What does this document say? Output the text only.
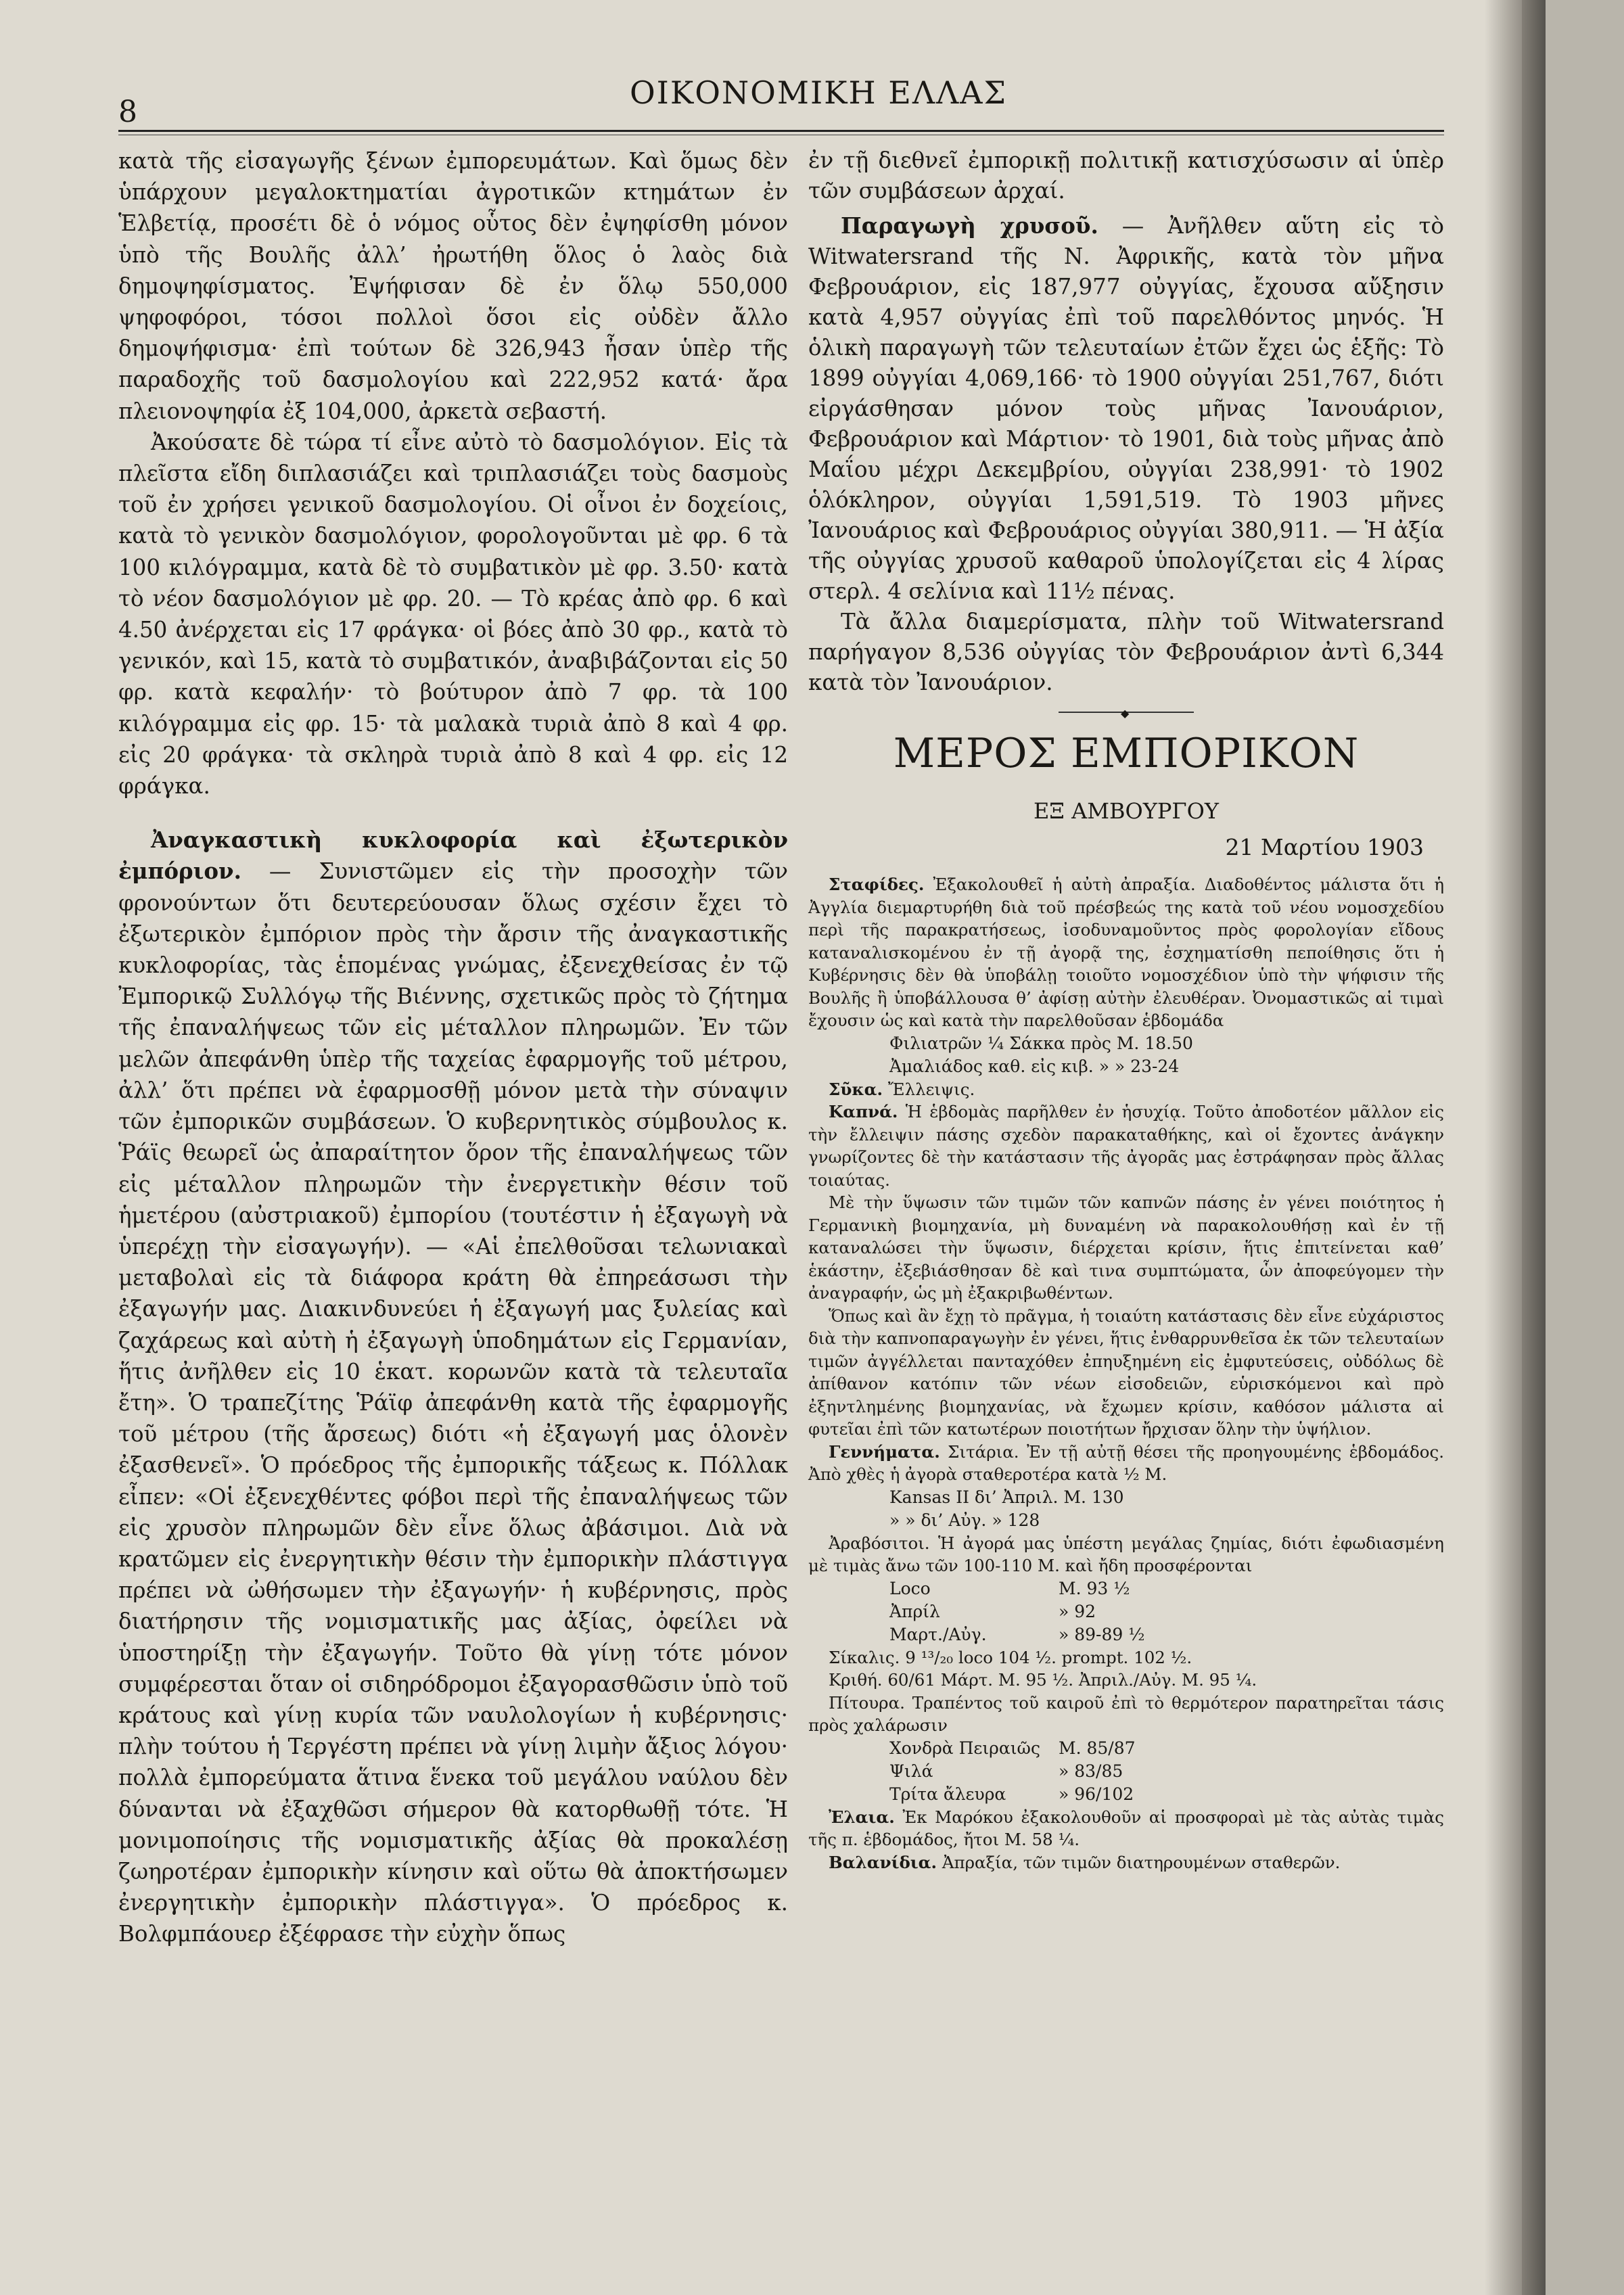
8
ΟΙΚΟΝΟΜΙΚΗ ΕΛΛΑΣ

κατὰ τῆς εἰσαγωγῆς ξένων ἐμπορευμάτων. Καὶ ὅμως δὲν ὑπάρχουν μεγαλοκτηματίαι ἀγροτικῶν κτημάτων ἐν Ἑλβετίᾳ, προσέτι δὲ ὁ νόμος οὗτος δὲν ἐψηφίσθη μόνον ὑπὸ τῆς Βουλῆς ἀλλ’ ἠρωτήθη ὅλος ὁ λαὸς διὰ δημοψηφίσματος. Ἐψήφισαν δὲ ἐν ὅλῳ 550,000 ψηφοφόροι, τόσοι πολλοὶ ὅσοι εἰς οὐδὲν ἄλλο δημοψήφισμα· ἐπὶ τούτων δὲ 326,943 ἦσαν ὑπὲρ τῆς παραδοχῆς τοῦ δασμολογίου καὶ 222,952 κατά· ἄρα πλειονοψηφία ἐξ 104,000, ἀρκετὰ σεβαστή.

Ἀκούσατε δὲ τώρα τί εἶνε αὐτὸ τὸ δασμολόγιον. Εἰς τὰ πλεῖστα εἴδη διπλασιάζει καὶ τριπλασιάζει τοὺς δασμοὺς τοῦ ἐν χρήσει γενικοῦ δασμολογίου. Οἱ οἶνοι ἐν δοχείοις, κατὰ τὸ γενικὸν δασμολόγιον, φορολογοῦνται μὲ φρ. 6 τὰ 100 κιλόγραμμα, κατὰ δὲ τὸ συμβατικὸν μὲ φρ. 3.50· κατὰ τὸ νέον δασμολόγιον μὲ φρ. 20. — Τὸ κρέας ἀπὸ φρ. 6 καὶ 4.50 ἀνέρχεται εἰς 17 φράγκα· οἱ βόες ἀπὸ 30 φρ., κατὰ τὸ γενικόν, καὶ 15, κατὰ τὸ συμβατικόν, ἀναβιβάζονται εἰς 50 φρ. κατὰ κεφαλήν· τὸ βούτυρον ἀπὸ 7 φρ. τὰ 100 κιλόγραμμα εἰς φρ. 15· τὰ μαλακὰ τυριὰ ἀπὸ 8 καὶ 4 φρ. εἰς 20 φράγκα· τὰ σκληρὰ τυριὰ ἀπὸ 8 καὶ 4 φρ. εἰς 12 φράγκα.

Ἀναγκαστικὴ κυκλοφορία καὶ ἐξωτερικὸν ἐμπόριον. — Συνιστῶμεν εἰς τὴν προσοχὴν τῶν φρονούντων ὅτι δευτερεύουσαν ὅλως σχέσιν ἔχει τὸ ἐξωτερικὸν ἐμπόριον πρὸς τὴν ἄρσιν τῆς ἀναγκαστικῆς κυκλοφορίας, τὰς ἑπομένας γνώμας, ἐξενεχθείσας ἐν τῷ Ἐμπορικῷ Συλλόγῳ τῆς Βιέννης, σχετικῶς πρὸς τὸ ζήτημα τῆς ἐπαναλήψεως τῶν εἰς μέταλλον πληρωμῶν. Ἐν τῶν μελῶν ἀπεφάνθη ὑπὲρ τῆς ταχείας ἐφαρμογῆς τοῦ μέτρου, ἀλλ’ ὅτι πρέπει νὰ ἐφαρμοσθῇ μόνον μετὰ τὴν σύναψιν τῶν ἐμπορικῶν συμβάσεων. Ὁ κυβερνητικὸς σύμβουλος κ. Ῥάϊς θεωρεῖ ὡς ἀπαραίτητον ὅρον τῆς ἐπαναλήψεως τῶν εἰς μέταλλον πληρωμῶν τὴν ἐνεργετικὴν θέσιν τοῦ ἡμετέρου (αὐστριακοῦ) ἐμπορίου (τουτέστιν ἡ ἐξαγωγὴ νὰ ὑπερέχῃ τὴν εἰσαγωγήν). — «Αἱ ἐπελθοῦσαι τελωνιακαὶ μεταβολαὶ εἰς τὰ διάφορα κράτη θὰ ἐπηρεάσωσι τὴν ἐξαγωγήν μας. Διακινδυνεύει ἡ ἐξαγωγή μας ξυλείας καὶ ζαχάρεως καὶ αὐτὴ ἡ ἐξαγωγὴ ὑποδημάτων εἰς Γερμανίαν, ἥτις ἀνῆλθεν εἰς 10 ἑκατ. κορωνῶν κατὰ τὰ τελευταῖα ἔτη». Ὁ τραπεζίτης Ῥάϊφ ἀπεφάνθη κατὰ τῆς ἐφαρμογῆς τοῦ μέτρου (τῆς ἄρσεως) διότι «ἡ ἐξαγωγή μας ὁλονὲν ἐξασθενεῖ». Ὁ πρόεδρος τῆς ἐμπορικῆς τάξεως κ. Πόλλακ εἶπεν: «Οἱ ἐξενεχθέντες φόβοι περὶ τῆς ἐπαναλήψεως τῶν εἰς χρυσὸν πληρωμῶν δὲν εἶνε ὅλως ἀβάσιμοι. Διὰ νὰ κρατῶμεν εἰς ἐνεργητικὴν θέσιν τὴν ἐμπορικὴν πλάστιγγα πρέπει νὰ ὠθήσωμεν τὴν ἐξαγωγήν· ἡ κυβέρνησις, πρὸς διατήρησιν τῆς νομισματικῆς μας ἀξίας, ὀφείλει νὰ ὑποστηρίξῃ τὴν ἐξαγωγήν. Τοῦτο θὰ γίνῃ τότε μόνον συμφέρεσται ὅταν οἱ σιδηρόδρομοι ἐξαγορασθῶσιν ὑπὸ τοῦ κράτους καὶ γίνῃ κυρία τῶν ναυλολογίων ἡ κυβέρνησις· πλὴν τούτου ἡ Τεργέστη πρέπει νὰ γίνῃ λιμὴν ἄξιος λόγου· πολλὰ ἐμπορεύματα ἅτινα ἕνεκα τοῦ μεγάλου ναύλου δὲν δύνανται νὰ ἐξαχθῶσι σήμερον θὰ κατορθωθῇ τότε. Ἡ μονιμοποίησις τῆς νομισματικῆς ἀξίας θὰ προκαλέσῃ ζωηροτέραν ἐμπορικὴν κίνησιν καὶ οὕτω θὰ ἀποκτήσωμεν ἐνεργητικὴν ἐμπορικὴν πλάστιγγα». Ὁ πρόεδρος κ. Βολφμπάουερ ἐξέφρασε τὴν εὐχὴν ὅπως

ἐν τῇ διεθνεῖ ἐμπορικῇ πολιτικῇ κατισχύσωσιν αἱ ὑπὲρ τῶν συμβάσεων ἀρχαί.

Παραγωγὴ χρυσοῦ. — Ἀνῆλθεν αὕτη εἰς τὸ Witwatersrand τῆς Ν. Ἀφρικῆς, κατὰ τὸν μῆνα Φεβρουάριον, εἰς 187,977 οὐγγίας, ἔχουσα αὔξησιν κατὰ 4,957 οὐγγίας ἐπὶ τοῦ παρελθόντος μηνός. Ἡ ὁλικὴ παραγωγὴ τῶν τελευταίων ἐτῶν ἔχει ὡς ἑξῆς: Τὸ 1899 οὐγγίαι 4,069,166· τὸ 1900 οὐγγίαι 251,767, διότι εἰργάσθησαν μόνον τοὺς μῆνας Ἰανουάριον, Φεβρουάριον καὶ Μάρτιον· τὸ 1901, διὰ τοὺς μῆνας ἀπὸ Μαΐου μέχρι Δεκεμβρίου, οὐγγίαι 238,991· τὸ 1902 ὁλόκληρον, οὐγγίαι 1,591,519. Τὸ 1903 μῆνες Ἰανουάριος καὶ Φεβρουάριος οὐγγίαι 380,911. — Ἡ ἀξία τῆς οὐγγίας χρυσοῦ καθαροῦ ὑπολογίζεται εἰς 4 λίρας στερλ. 4 σελίνια καὶ 11½ πένας.

Τὰ ἄλλα διαμερίσματα, πλὴν τοῦ Witwatersrand παρήγαγον 8,536 οὐγγίας τὸν Φεβρουάριον ἀντὶ 6,344 κατὰ τὸν Ἰανουάριον.

◆
ΜΕΡΟΣ ΕΜΠΟΡΙΚΟΝ
ΕΞ ΑΜΒΟΥΡΓΟΥ
21 Μαρτίου 1903

Σταφίδες. Ἐξακολουθεῖ ἡ αὐτὴ ἀπραξία. Διαδοθέντος μάλιστα ὅτι ἡ Ἀγγλία διεμαρτυρήθη διὰ τοῦ πρέσβεώς της κατὰ τοῦ νέου νομοσχεδίου περὶ τῆς παρακρατήσεως, ἰσοδυναμοῦντος πρὸς φορολογίαν εἴδους καταναλισκομένου ἐν τῇ ἀγορᾷ της, ἐσχηματίσθη πεποίθησις ὅτι ἡ Κυβέρνησις δὲν θὰ ὑποβάλῃ τοιοῦτο νομοσχέδιον ὑπὸ τὴν ψήφισιν τῆς Βουλῆς ἢ ὑποβάλλουσα θ’ ἀφίσῃ αὐτὴν ἐλευθέραν. Ὀνομαστικῶς αἱ τιμαὶ ἔχουσιν ὡς καὶ κατὰ τὴν παρελθοῦσαν ἑβδομάδα

Φιλιατρῶν ¼ Σάκκα πρὸς Μ. 18.50
Ἀμαλιάδος καθ. εἰς κιβ. » » 23-24

Σῦκα. Ἔλλειψις.

Καπνά. Ἡ ἑβδομὰς παρῆλθεν ἐν ἡσυχίᾳ. Τοῦτο ἀποδοτέον μᾶλλον εἰς τὴν ἔλλειψιν πάσης σχεδὸν παρακαταθήκης, καὶ οἱ ἔχοντες ἀνάγκην γνωρίζοντες δὲ τὴν κατάστασιν τῆς ἀγορᾶς μας ἐστράφησαν πρὸς ἄλλας τοιαύτας.

Μὲ τὴν ὕψωσιν τῶν τιμῶν τῶν καπνῶν πάσης ἐν γένει ποιότητος ἡ Γερμανικὴ βιομηχανία, μὴ δυναμένη νὰ παρακολουθήσῃ καὶ ἐν τῇ καταναλώσει τὴν ὕψωσιν, διέρχεται κρίσιν, ἥτις ἐπιτείνεται καθ’ ἑκάστην, ἐξεβιάσθησαν δὲ καὶ τινα συμπτώματα, ὧν ἀποφεύγομεν τὴν ἀναγραφήν, ὡς μὴ ἐξακριβωθέντων.

Ὅπως καὶ ἂν ἔχῃ τὸ πρᾶγμα, ἡ τοιαύτη κατάστασις δὲν εἶνε εὐχάριστος διὰ τὴν καπνοπαραγωγὴν ἐν γένει, ἥτις ἐνθαρρυνθεῖσα ἐκ τῶν τελευταίων τιμῶν ἀγγέλλεται πανταχόθεν ἐπηυξημένη εἰς ἐμφυτεύσεις, οὐδόλως δὲ ἀπίθανον κατόπιν τῶν νέων εἰσοδειῶν, εὑρισκόμενοι καὶ πρὸ ἐξηντλημένης βιομηχανίας, νὰ ἔχωμεν κρίσιν, καθόσον μάλιστα αἱ φυτεῖαι ἐπὶ τῶν κατωτέρων ποιοτήτων ἤρχισαν ὅλην τὴν ὑψήλιον.

Γεννήματα. Σιτάρια. Ἐν τῇ αὐτῇ θέσει τῆς προηγουμένης ἑβδομάδος. Ἀπὸ χθὲς ἡ ἀγορὰ σταθεροτέρα κατὰ ½ Μ.

Kansas II δι’ Ἀπριλ. Μ. 130
» » δι’ Αὐγ. » 128

Ἀραβόσιτοι. Ἡ ἀγορά μας ὑπέστη μεγάλας ζημίας, διότι ἐφωδιασμένη μὲ τιμὰς ἄνω τῶν 100-110 Μ. καὶ ἤδη προσφέρονται

Loco	Μ. 93 ½
Ἀπρίλ	» 92
Μαρτ./Αὐγ.	» 89-89 ½

Σίκαλις. 9 ¹³/₂₀ loco 104 ½. prompt. 102 ½.

Κριθή. 60/61 Μάρτ. Μ. 95 ½. Ἀπριλ./Αὐγ. Μ. 95 ¼.

Πίτουρα. Τραπέντος τοῦ καιροῦ ἐπὶ τὸ θερμότερον παρατηρεῖται τάσις πρὸς χαλάρωσιν

Χονδρὰ Πειραιῶς	Μ. 85/87
Ψιλά	» 83/85
Τρίτα ἄλευρα	» 96/102

Ἐλαια. Ἐκ Μαρόκου ἐξακολουθοῦν αἱ προσφοραὶ μὲ τὰς αὐτὰς τιμὰς τῆς π. ἑβδομάδος, ἤτοι Μ. 58 ¼.

Βαλανίδια. Ἀπραξία, τῶν τιμῶν διατηρουμένων σταθερῶν.
